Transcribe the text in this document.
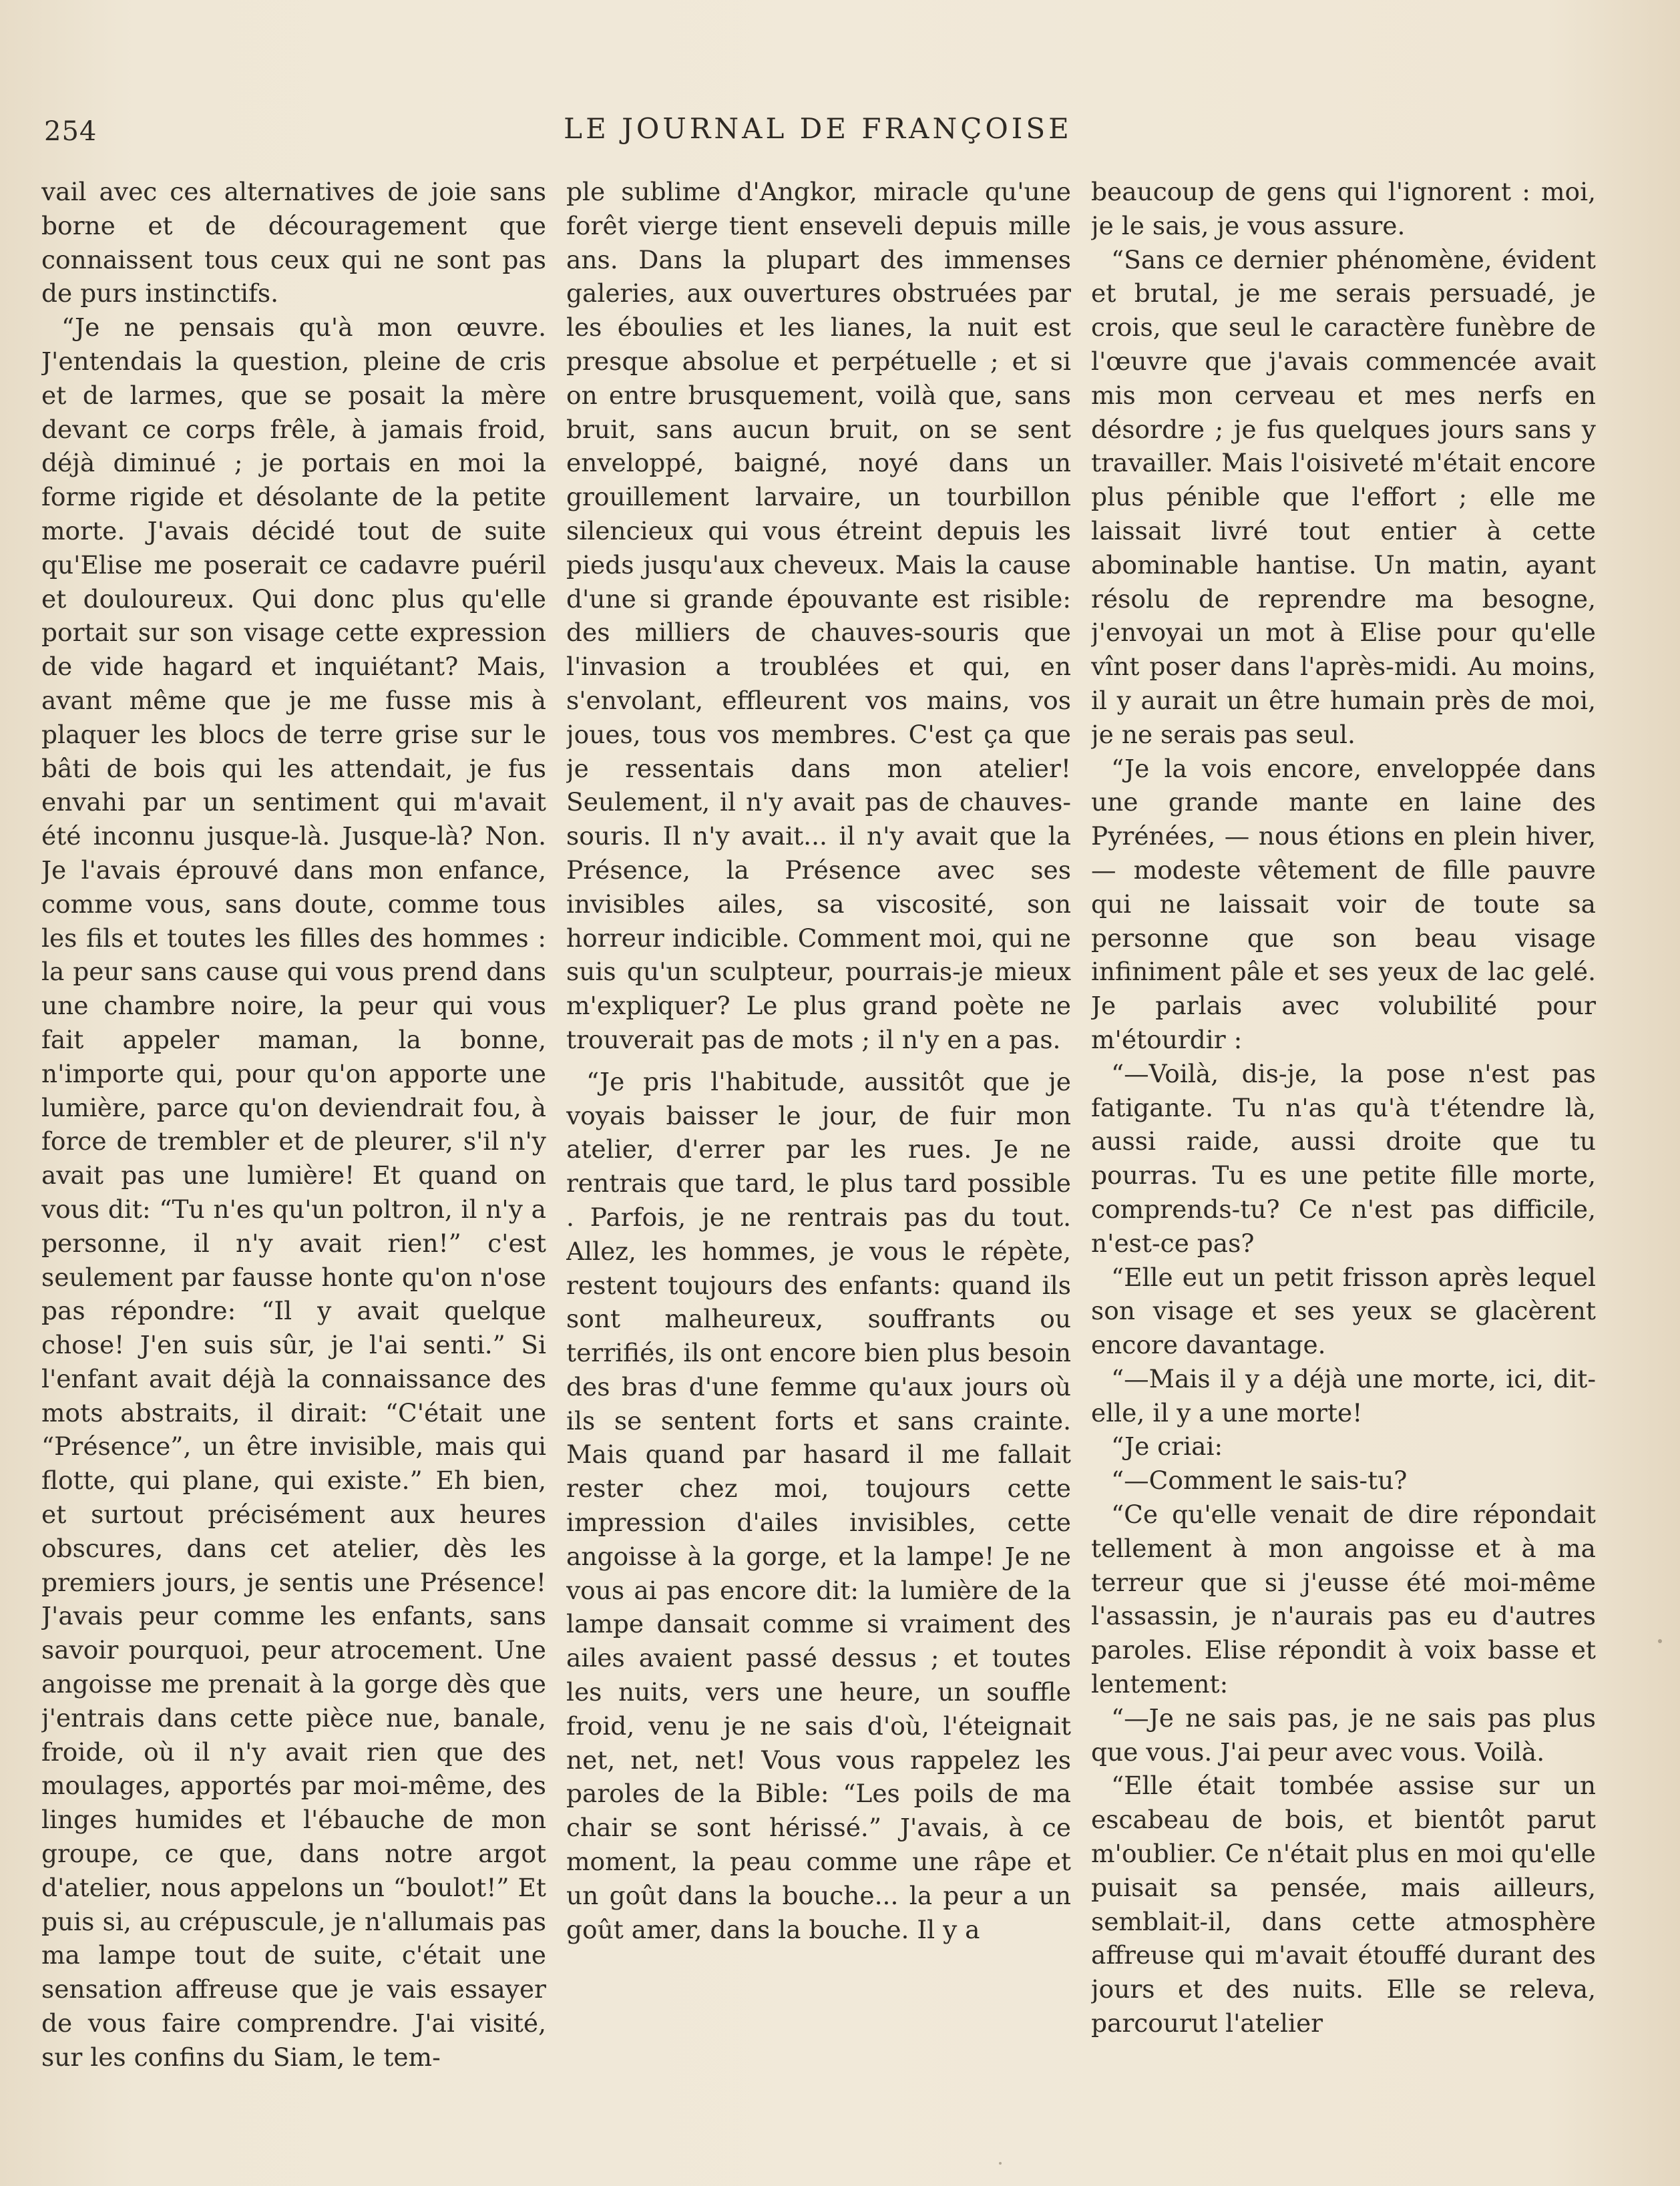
254	LE JOURNAL DE FRANÇOISE

vail avec ces alternatives de joie sans borne et de découragement que connaissent tous ceux qui ne sont pas de purs instinctifs.

“Je ne pensais qu'à mon œuvre. J'entendais la question, pleine de cris et de larmes, que se posait la mère devant ce corps frêle, à jamais froid, déjà diminué ; je portais en moi la forme rigide et désolante de la petite morte. J'avais décidé tout de suite qu'Elise me poserait ce cadavre puéril et douloureux. Qui donc plus qu'elle portait sur son visage cette expression de vide hagard et inquiétant? Mais, avant même que je me fusse mis à plaquer les blocs de terre grise sur le bâti de bois qui les attendait, je fus envahi par un sentiment qui m'avait été inconnu jusque-là. Jusque-là? Non. Je l'avais éprouvé dans mon enfance, comme vous, sans doute, comme tous les fils et toutes les filles des hommes : la peur sans cause qui vous prend dans une chambre noire, la peur qui vous fait appeler maman, la bonne, n'importe qui, pour qu'on apporte une lumière, parce qu'on deviendrait fou, à force de trembler et de pleurer, s'il n'y avait pas une lumière! Et quand on vous dit: “Tu n'es qu'un poltron, il n'y a personne, il n'y avait rien!” c'est seulement par fausse honte qu'on n'ose pas répondre: “Il y avait quelque chose! J'en suis sûr, je l'ai senti.” Si l'enfant avait déjà la connaissance des mots abstraits, il dirait: “C'était une “Présence”, un être invisible, mais qui flotte, qui plane, qui existe.” Eh bien, et surtout précisément aux heures obscures, dans cet atelier, dès les premiers jours, je sentis une Présence! J'avais peur comme les enfants, sans savoir pourquoi, peur atrocement. Une angoisse me prenait à la gorge dès que j'entrais dans cette pièce nue, banale, froide, où il n'y avait rien que des moulages, apportés par moi-même, des linges humides et l'ébauche de mon groupe, ce que, dans notre argot d'atelier, nous appelons un “boulot!” Et puis si, au crépuscule, je n'allumais pas ma lampe tout de suite, c'était une sensation affreuse que je vais essayer de vous faire comprendre. J'ai visité, sur les confins du Siam, le tem-

ple sublime d'Angkor, miracle qu'une forêt vierge tient enseveli depuis mille ans. Dans la plupart des immenses galeries, aux ouvertures obstruées par les éboulies et les lianes, la nuit est presque absolue et perpétuelle ; et si on entre brusquement, voilà que, sans bruit, sans aucun bruit, on se sent enveloppé, baigné, noyé dans un grouillement larvaire, un tourbillon silencieux qui vous étreint depuis les pieds jusqu'aux cheveux. Mais la cause d'une si grande épouvante est risible: des milliers de chauves-souris que l'invasion a troublées et qui, en s'envolant, effleurent vos mains, vos joues, tous vos membres. C'est ça que je ressentais dans mon atelier! Seulement, il n'y avait pas de chauves-souris. Il n'y avait... il n'y avait que la Présence, la Présence avec ses invisibles ailes, sa viscosité, son horreur indicible. Comment moi, qui ne suis qu'un sculpteur, pourrais-je mieux m'expliquer? Le plus grand poète ne trouverait pas de mots ; il n'y en a pas.

“Je pris l'habitude, aussitôt que je voyais baisser le jour, de fuir mon atelier, d'errer par les rues. Je ne rentrais que tard, le plus tard possible . Parfois, je ne rentrais pas du tout. Allez, les hommes, je vous le répète, restent toujours des enfants: quand ils sont malheureux, souffrants ou terrifiés, ils ont encore bien plus besoin des bras d'une femme qu'aux jours où ils se sentent forts et sans crainte. Mais quand par hasard il me fallait rester chez moi, toujours cette impression d'ailes invisibles, cette angoisse à la gorge, et la lampe! Je ne vous ai pas encore dit: la lumière de la lampe dansait comme si vraiment des ailes avaient passé dessus ; et toutes les nuits, vers une heure, un souffle froid, venu je ne sais d'où, l'éteignait net, net, net! Vous vous rappelez les paroles de la Bible: “Les poils de ma chair se sont hérissé.” J'avais, à ce moment, la peau comme une râpe et un goût dans la bouche... la peur a un goût amer, dans la bouche. Il y a

beaucoup de gens qui l'ignorent : moi, je le sais, je vous assure.

“Sans ce dernier phénomène, évident et brutal, je me serais persuadé, je crois, que seul le caractère funèbre de l'œuvre que j'avais commencée avait mis mon cerveau et mes nerfs en désordre ; je fus quelques jours sans y travailler. Mais l'oisiveté m'était encore plus pénible que l'effort ; elle me laissait livré tout entier à cette abominable hantise. Un matin, ayant résolu de reprendre ma besogne, j'envoyai un mot à Elise pour qu'elle vînt poser dans l'après-midi. Au moins, il y aurait un être humain près de moi, je ne serais pas seul.

“Je la vois encore, enveloppée dans une grande mante en laine des Pyrénées, — nous étions en plein hiver, — modeste vêtement de fille pauvre qui ne laissait voir de toute sa personne que son beau visage infiniment pâle et ses yeux de lac gelé. Je parlais avec volubilité pour m'étourdir :

“—Voilà, dis-je, la pose n'est pas fatigante. Tu n'as qu'à t'étendre là, aussi raide, aussi droite que tu pourras. Tu es une petite fille morte, comprends-tu? Ce n'est pas difficile, n'est-ce pas?

“Elle eut un petit frisson après lequel son visage et ses yeux se glacèrent encore davantage.

“—Mais il y a déjà une morte, ici, dit-elle, il y a une morte!

“Je criai:

“—Comment le sais-tu?

“Ce qu'elle venait de dire répondait tellement à mon angoisse et à ma terreur que si j'eusse été moi-même l'assassin, je n'aurais pas eu d'autres paroles. Elise répondit à voix basse et lentement:

“—Je ne sais pas, je ne sais pas plus que vous. J'ai peur avec vous. Voilà.

“Elle était tombée assise sur un escabeau de bois, et bientôt parut m'oublier. Ce n'était plus en moi qu'elle puisait sa pensée, mais ailleurs, semblait-il, dans cette atmosphère affreuse qui m'avait étouffé durant des jours et des nuits. Elle se releva, parcourut l'atelier
